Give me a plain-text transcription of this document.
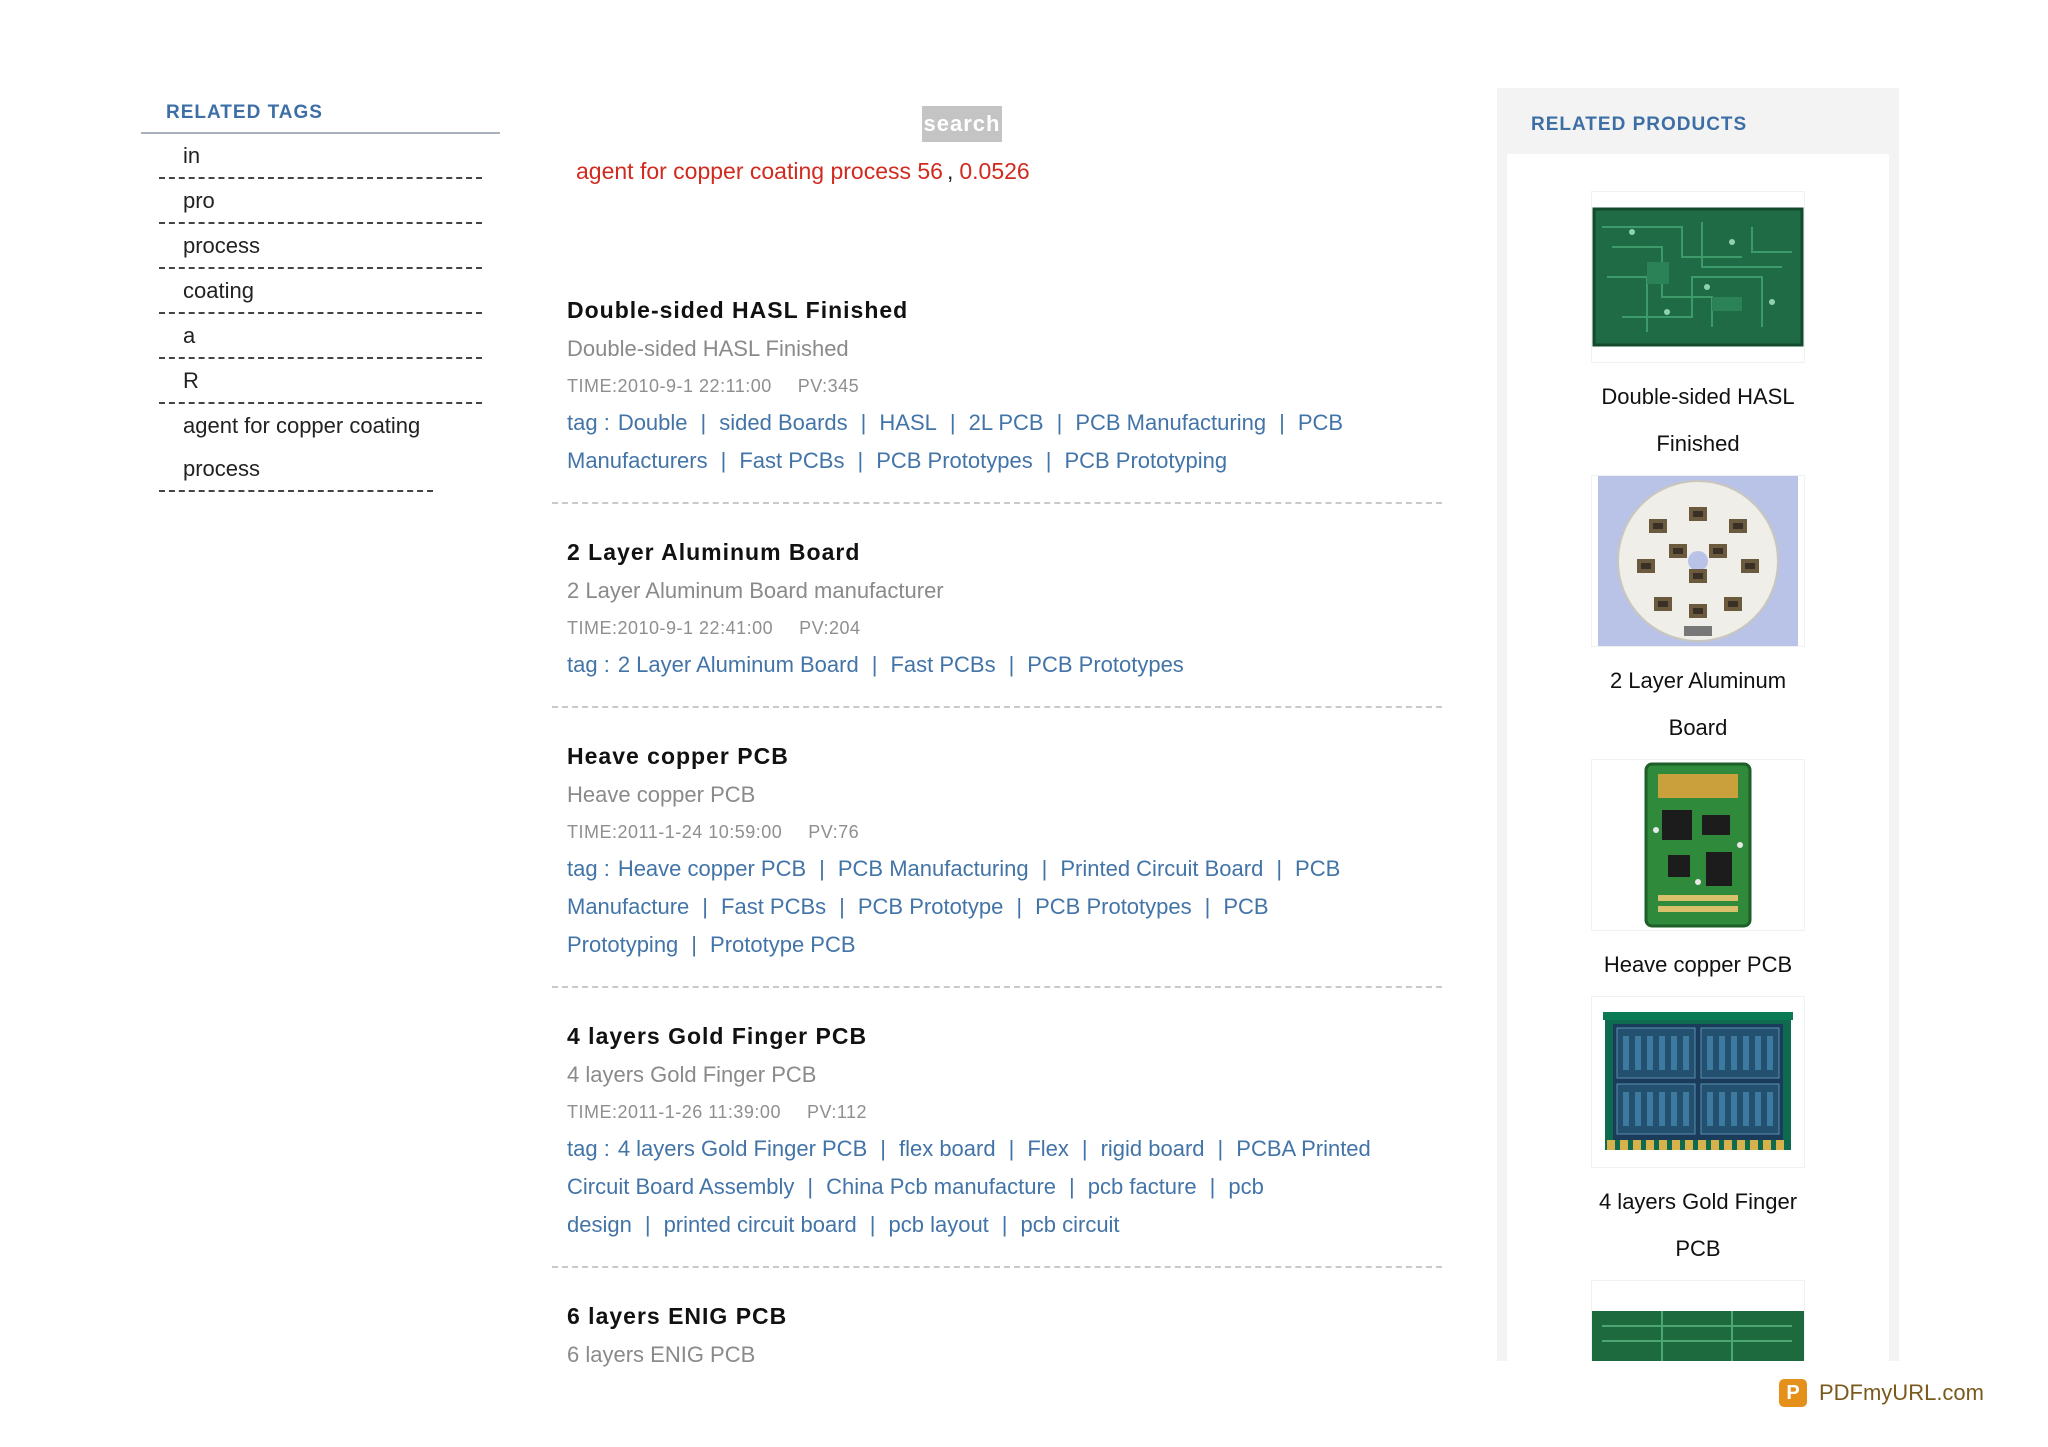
RELATED TAGS
in
pro
process
coating
a
R
agent for copper coating process
search
agent for copper coating process 56 , 0.0526
Double-sided HASL Finished
Double-sided HASL Finished
TIME:2010-9-1 22:11:00 PV:345
tag : Double | sided Boards | HASL | 2L PCB | PCB Manufacturing | PCB Manufacturers | Fast PCBs | PCB Prototypes | PCB Prototyping
2 Layer Aluminum Board
2 Layer Aluminum Board manufacturer
TIME:2010-9-1 22:41:00 PV:204
tag : 2 Layer Aluminum Board | Fast PCBs | PCB Prototypes
Heave copper PCB
Heave copper PCB
TIME:2011-1-24 10:59:00 PV:76
tag : Heave copper PCB | PCB Manufacturing | Printed Circuit Board | PCB Manufacture | Fast PCBs | PCB Prototype | PCB Prototypes | PCB Prototyping | Prototype PCB
4 layers Gold Finger PCB
4 layers Gold Finger PCB
TIME:2011-1-26 11:39:00 PV:112
tag : 4 layers Gold Finger PCB | flex board | Flex | rigid board | PCBA Printed Circuit Board Assembly | China Pcb manufacture | pcb facture | pcb design | printed circuit board | pcb layout | pcb circuit
6 layers ENIG PCB
6 layers ENIG PCB
RELATED PRODUCTS
Double-sided HASL Finished
2 Layer Aluminum Board
Heave copper PCB
4 layers Gold Finger PCB
P PDFmyURL.com
